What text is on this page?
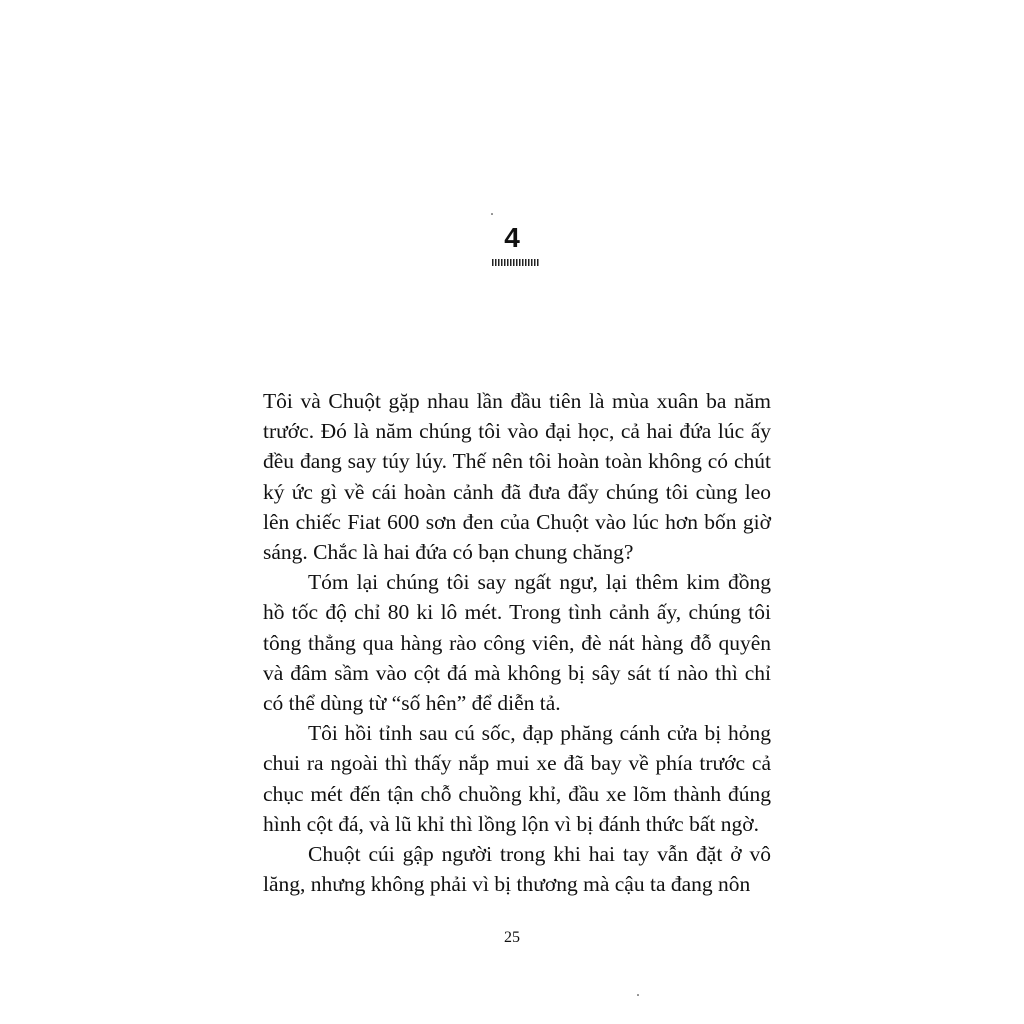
4

Tôi và Chuột gặp nhau lần đầu tiên là mùa xuân ba năm trước. Đó là năm chúng tôi vào đại học, cả hai đứa lúc ấy đều đang say túy lúy. Thế nên tôi hoàn toàn không có chút ký ức gì về cái hoàn cảnh đã đưa đẩy chúng tôi cùng leo lên chiếc Fiat 600 sơn đen của Chuột vào lúc hơn bốn giờ sáng. Chắc là hai đứa có bạn chung chăng?

Tóm lại chúng tôi say ngất ngư, lại thêm kim đồng hồ tốc độ chỉ 80 ki lô mét. Trong tình cảnh ấy, chúng tôi tông thẳng qua hàng rào công viên, đè nát hàng đỗ quyên và đâm sầm vào cột đá mà không bị sây sát tí nào thì chỉ có thể dùng từ “số hên” để diễn tả.

Tôi hồi tỉnh sau cú sốc, đạp phăng cánh cửa bị hỏng chui ra ngoài thì thấy nắp mui xe đã bay về phía trước cả chục mét đến tận chỗ chuồng khỉ, đầu xe lõm thành đúng hình cột đá, và lũ khỉ thì lồng lộn vì bị đánh thức bất ngờ.

Chuột cúi gập người trong khi hai tay vẫn đặt ở vô lăng, nhưng không phải vì bị thương mà cậu ta đang nôn

25
